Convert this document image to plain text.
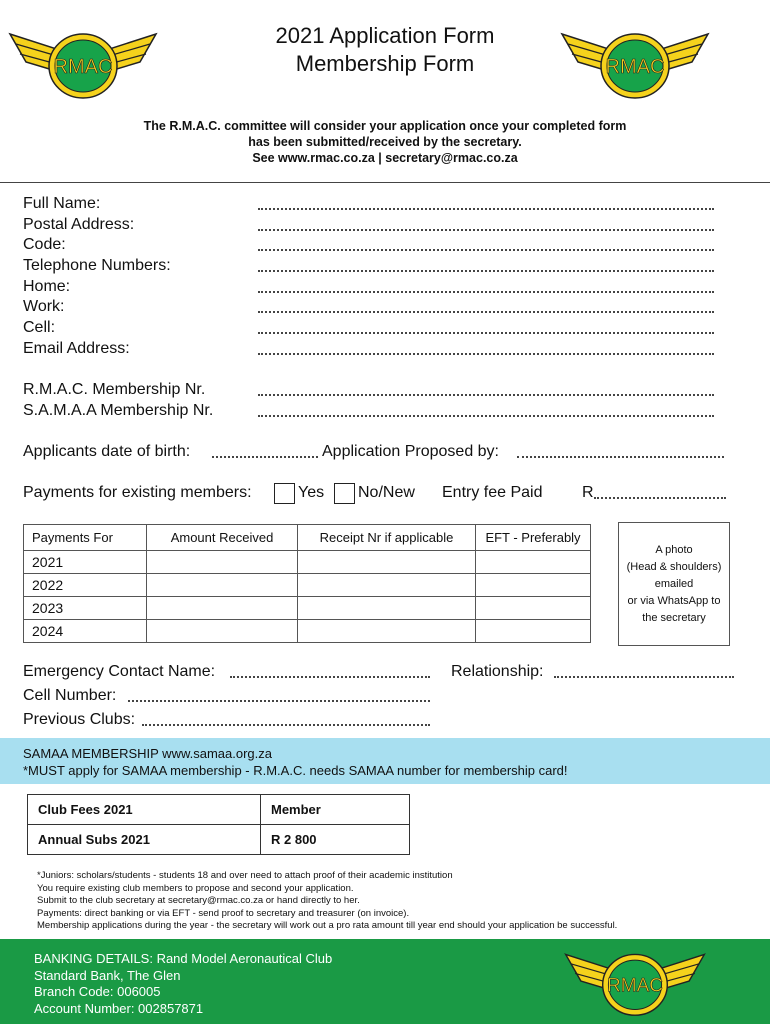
RMAC	RMAC
2021 Application Form
Membership Form
The R.M.A.C. committee will consider your application once your completed form
has been submitted/received by the secretary.
See www.rmac.co.za | secretary@rmac.co.za
Full Name:
Postal Address:
Code:
Telephone Numbers:
Home:
Work:
Cell:
Email Address:
R.M.A.C. Membership Nr.
S.A.M.A.A Membership Nr.
Applicants date of birth:	Application Proposed by:
Payments for existing members:	Yes No/New Entry fee Paid R
Payments For	Amount Received	Receipt Nr if applicable	EFT - Preferably
2021			
2022			
2023			
2024			
A photo
(Head & shoulders)
emailed
or via WhatsApp to
the secretary
Emergency Contact Name:	Relationship:
Cell Number:
Previous Clubs:
SAMAA MEMBERSHIP www.samaa.org.za
*MUST apply for SAMAA membership - R.M.A.C. needs SAMAA number for membership card!
Club Fees 2021	Member
Annual Subs 2021	R 2 800
*Juniors: scholars/students - students 18 and over need to attach proof of their academic institution
You require existing club members to propose and second your application.
Submit to the club secretary at secretary@rmac.co.za or hand directly to her.
Payments: direct banking or via EFT - send proof to secretary and treasurer (on invoice).
Membership applications during the year - the secretary will work out a pro rata amount till year end should your application be successful.
BANKING DETAILS: Rand Model Aeronautical Club
Standard Bank, The Glen
Branch Code: 006005
Account Number: 002857871
RMAC
